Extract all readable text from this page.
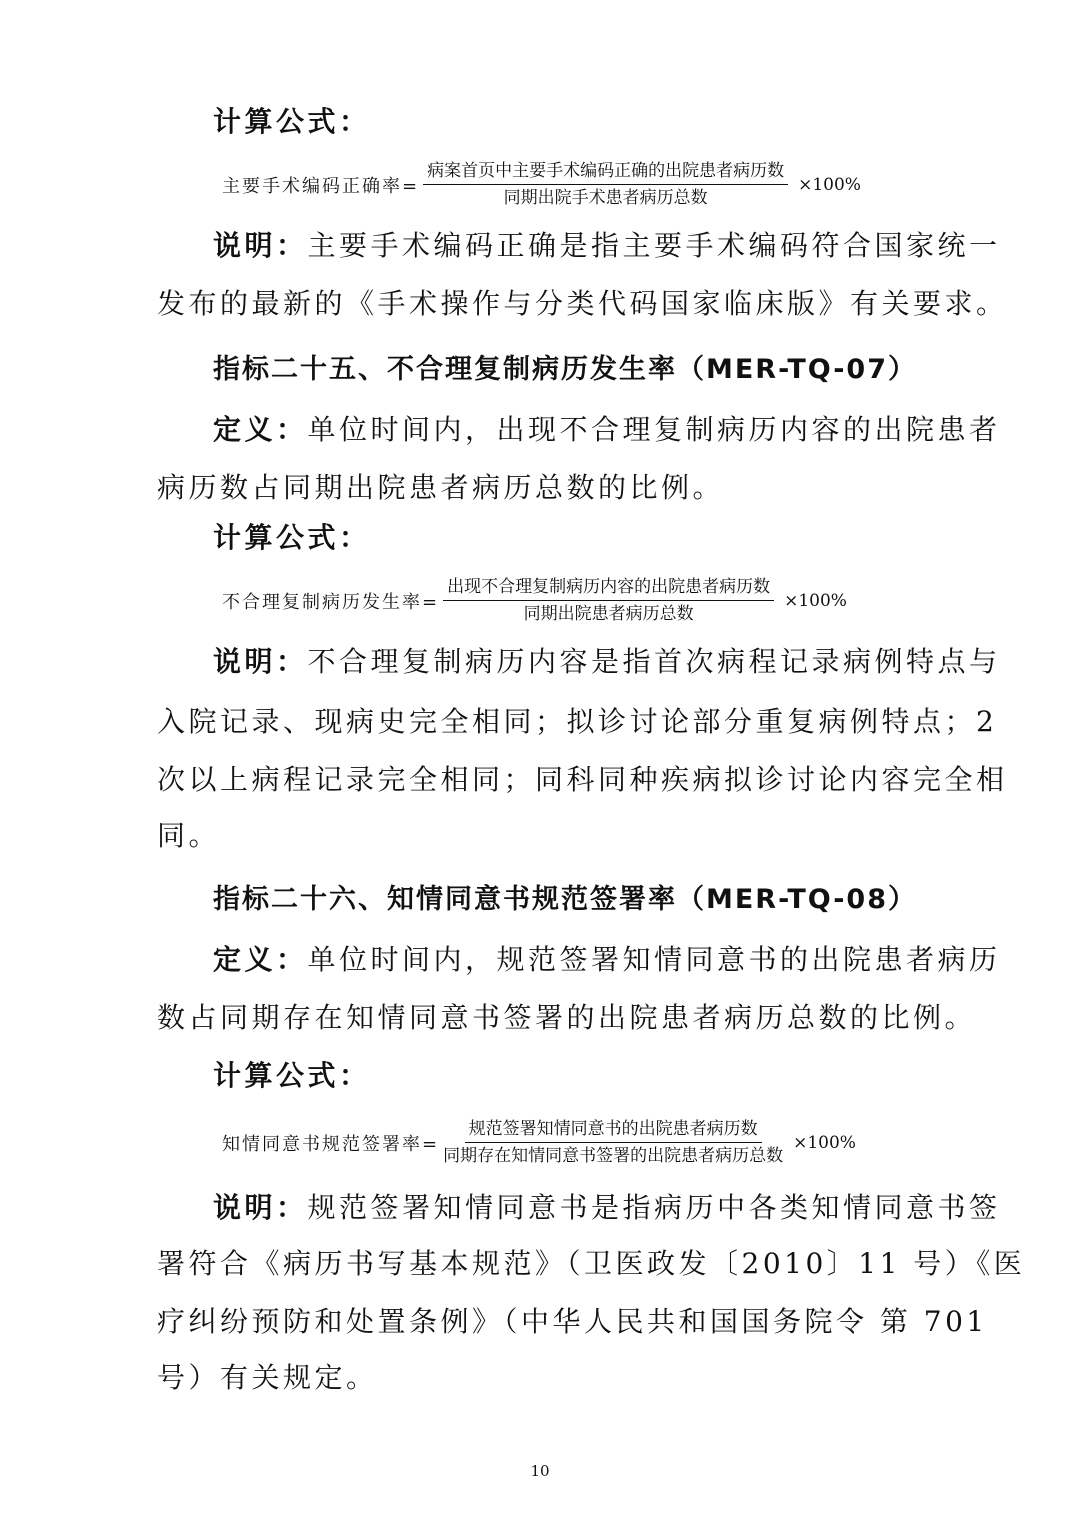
计算公式：
主要手术编码正确率= $\frac{\text{病案首页中主要手术编码正确的出院患者病历数}}{\text{同期出院手术患者病历总数}} \times 100\%$
说明：主要手术编码正确是指主要手术编码符合国家统一
发布的最新的《手术操作与分类代码国家临床版》有关要求。
指标二十五、不合理复制病历发生率（MER-TQ-07）
定义：单位时间内，出现不合理复制病历内容的出院患者
病历数占同期出院患者病历总数的比例。
计算公式：
不合理复制病历发生率= $\frac{\text{出现不合理复制病历内容的出院患者病历数}}{\text{同期出院患者病历总数}} \times 100\%$
说明：不合理复制病历内容是指首次病程记录病例特点与
入院记录、现病史完全相同；拟诊讨论部分重复病例特点；2
次以上病程记录完全相同；同科同种疾病拟诊讨论内容完全相
同。
指标二十六、知情同意书规范签署率（MER-TQ-08）
定义：单位时间内，规范签署知情同意书的出院患者病历
数占同期存在知情同意书签署的出院患者病历总数的比例。
计算公式：
知情同意书规范签署率= $\frac{\text{规范签署知情同意书的出院患者病历数}}{\text{同期存在知情同意书签署的出院患者病历总数}} \times 100\%$
说明：规范签署知情同意书是指病历中各类知情同意书签
署符合《病历书写基本规范》（卫医政发〔2010〕11 号）《医
疗纠纷预防和处置条例》（中华人民共和国国务院令 第 701
号）有关规定。
10
